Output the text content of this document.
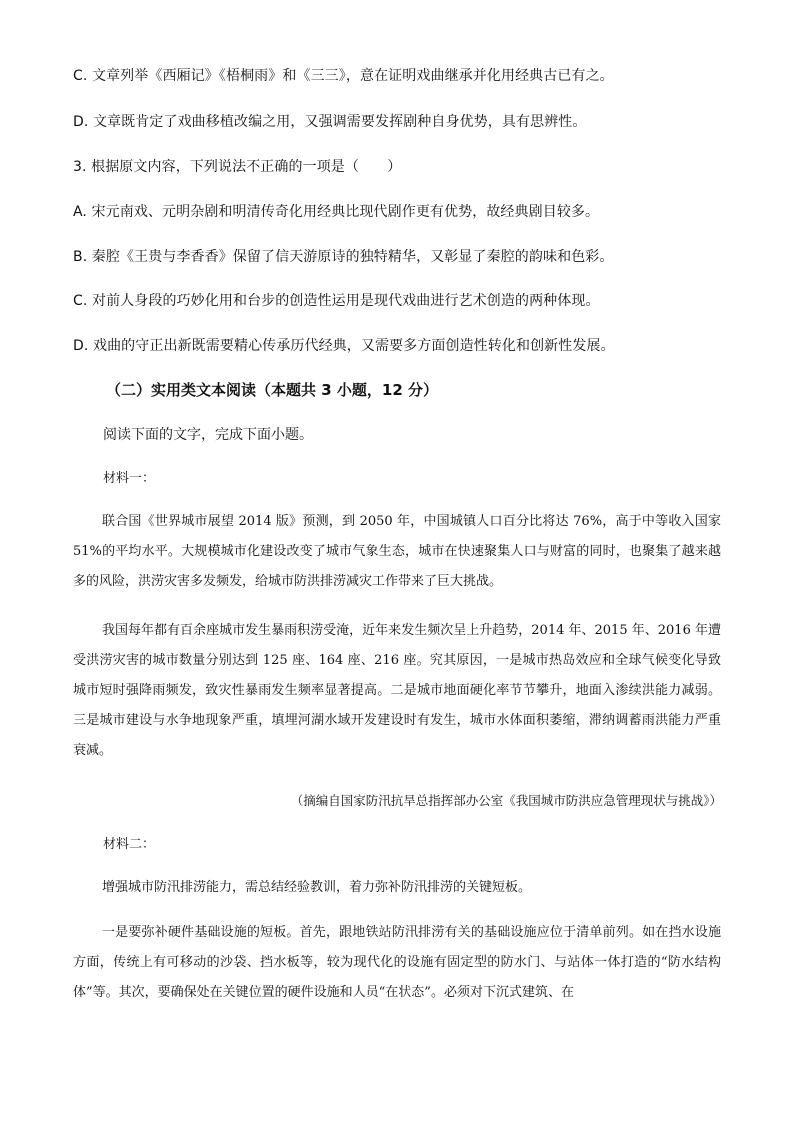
C. 文章列举《西厢记》《梧桐雨》和《三三》，意在证明戏曲继承并化用经典古已有之。
D. 文章既肯定了戏曲移植改编之用，又强调需要发挥剧种自身优势，具有思辨性。
3. 根据原文内容，下列说法不正确的一项是（　　）
A. 宋元南戏、元明杂剧和明清传奇化用经典比现代剧作更有优势，故经典剧目较多。
B. 秦腔《王贵与李香香》保留了信天游原诗的独特精华，又彰显了秦腔的韵味和色彩。
C. 对前人身段的巧妙化用和台步的创造性运用是现代戏曲进行艺术创造的两种体现。
D. 戏曲的守正出新既需要精心传承历代经典，又需要多方面创造性转化和创新性发展。
（二）实用类文本阅读（本题共 3 小题，12 分）
阅读下面的文字，完成下面小题。
材料一：

联合国《世界城市展望 2014 版》预测，到 2050 年，中国城镇人口百分比将达 76%，高于中等收入国家 51%的平均水平。大规模城市化建设改变了城市气象生态，城市在快速聚集人口与财富的同时，也聚集了越来越多的风险，洪涝灾害多发频发，给城市防洪排涝减灾工作带来了巨大挑战。

我国每年都有百余座城市发生暴雨积涝受淹，近年来发生频次呈上升趋势，2014 年、2015 年、2016 年遭受洪涝灾害的城市数量分别达到 125 座、164 座、216 座。究其原因，一是城市热岛效应和全球气候变化导致城市短时强降雨频发，致灾性暴雨发生频率显著提高。二是城市地面硬化率节节攀升，地面入渗续洪能力减弱。三是城市建设与水争地现象严重，填埋河湖水域开发建设时有发生，城市水体面积萎缩，滞纳调蓄雨洪能力严重衰减。

（摘编自国家防汛抗旱总指挥部办公室《我国城市防洪应急管理现状与挑战》）
材料二：

增强城市防汛排涝能力，需总结经验教训，着力弥补防汛排涝的关键短板。

一是要弥补硬件基础设施的短板。首先，跟地铁站防汛排涝有关的基础设施应位于清单前列。如在挡水设施方面，传统上有可移动的沙袋、挡水板等，较为现代化的设施有固定型的防水门、与站体一体打造的“防水结构体”等。其次，要确保处在关键位置的硬件设施和人员“在状态”。必须对下沉式建筑、在
